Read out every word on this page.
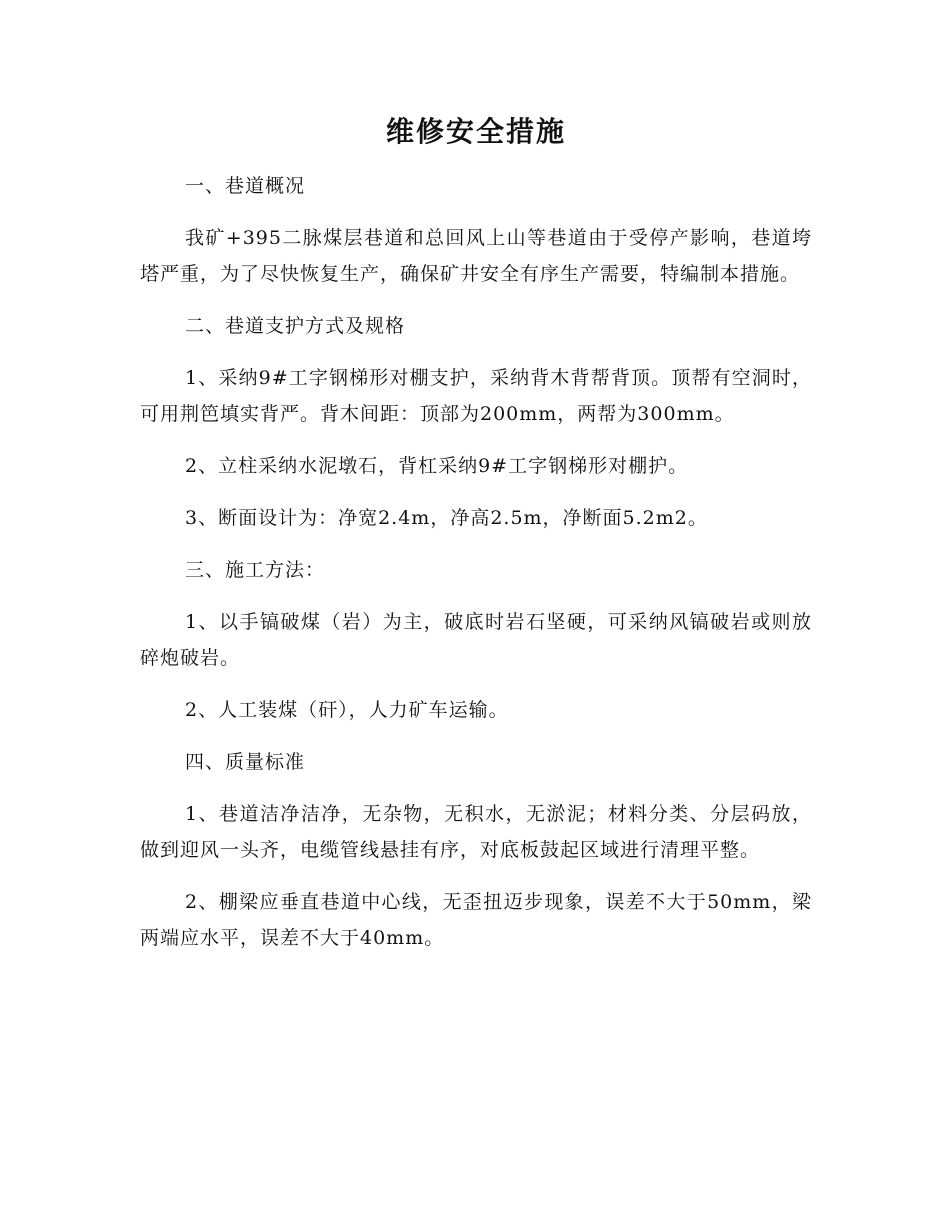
维修安全措施

一、巷道概况

我矿+395二脉煤层巷道和总回风上山等巷道由于受停产影响，巷道垮塔严重，为了尽快恢复生产，确保矿井安全有序生产需要，特编制本措施。

二、巷道支护方式及规格

1、采纳9#工字钢梯形对棚支护，采纳背木背帮背顶。顶帮有空洞时，可用荆笆填实背严。背木间距：顶部为200mm，两帮为300mm。

2、立柱采纳水泥墩石，背杠采纳9#工字钢梯形对棚护。

3、断面设计为：净宽2.4m，净高2.5m，净断面5.2m2。

三、施工方法：

1、以手镐破煤（岩）为主，破底时岩石坚硬，可采纳风镐破岩或则放碎炮破岩。

2、人工装煤（矸），人力矿车运输。

四、质量标准

1、巷道洁净洁净，无杂物，无积水，无淤泥；材料分类、分层码放，做到迎风一头齐，电缆管线悬挂有序，对底板鼓起区域进行清理平整。

2、棚梁应垂直巷道中心线，无歪扭迈步现象，误差不大于50mm，梁两端应水平，误差不大于40mm。
